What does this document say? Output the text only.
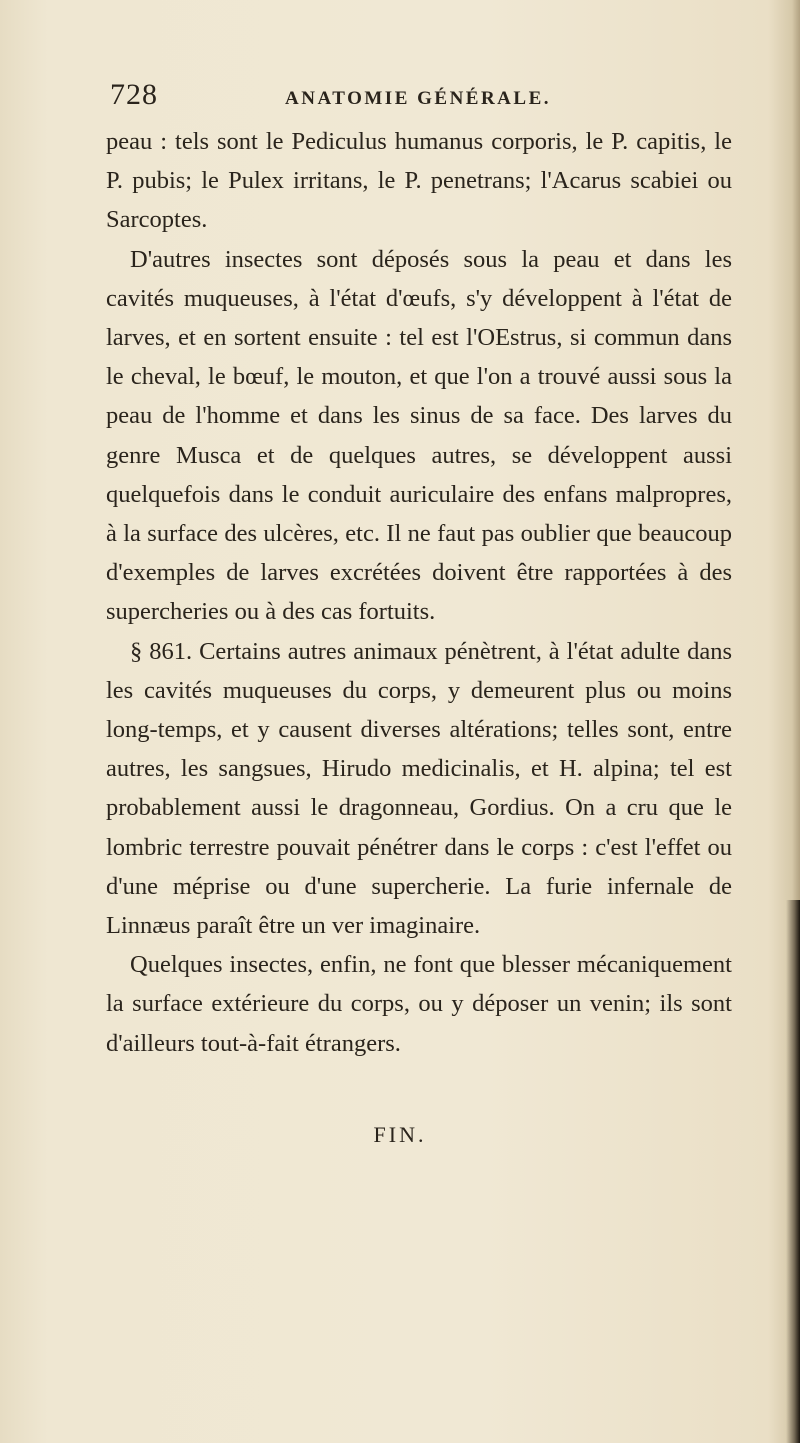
728	ANATOMIE GÉNÉRALE.

peau : tels sont le Pediculus humanus corporis, le P. capitis, le P. pubis; le Pulex irritans, le P. penetrans; l'Acarus scabiei ou Sarcoptes.

D'autres insectes sont déposés sous la peau et dans les cavités muqueuses, à l'état d'œufs, s'y développent à l'état de larves, et en sortent ensuite : tel est l'OEstrus, si commun dans le cheval, le bœuf, le mouton, et que l'on a trouvé aussi sous la peau de l'homme et dans les sinus de sa face. Des larves du genre Musca et de quelques autres, se développent aussi quelquefois dans le conduit auriculaire des enfans malpropres, à la surface des ulcères, etc. Il ne faut pas oublier que beaucoup d'exemples de larves excrétées doivent être rapportées à des supercheries ou à des cas fortuits.

§ 861. Certains autres animaux pénètrent, à l'état adulte dans les cavités muqueuses du corps, y demeurent plus ou moins long-temps, et y causent diverses altérations; telles sont, entre autres, les sangsues, Hirudo medicinalis, et H. alpina; tel est probablement aussi le dragonneau, Gordius. On a cru que le lombric terrestre pouvait pénétrer dans le corps : c'est l'effet ou d'une méprise ou d'une supercherie. La furie infernale de Linnæus paraît être un ver imaginaire.

Quelques insectes, enfin, ne font que blesser mécaniquement la surface extérieure du corps, ou y déposer un venin; ils sont d'ailleurs tout-à-fait étrangers.

FIN.
